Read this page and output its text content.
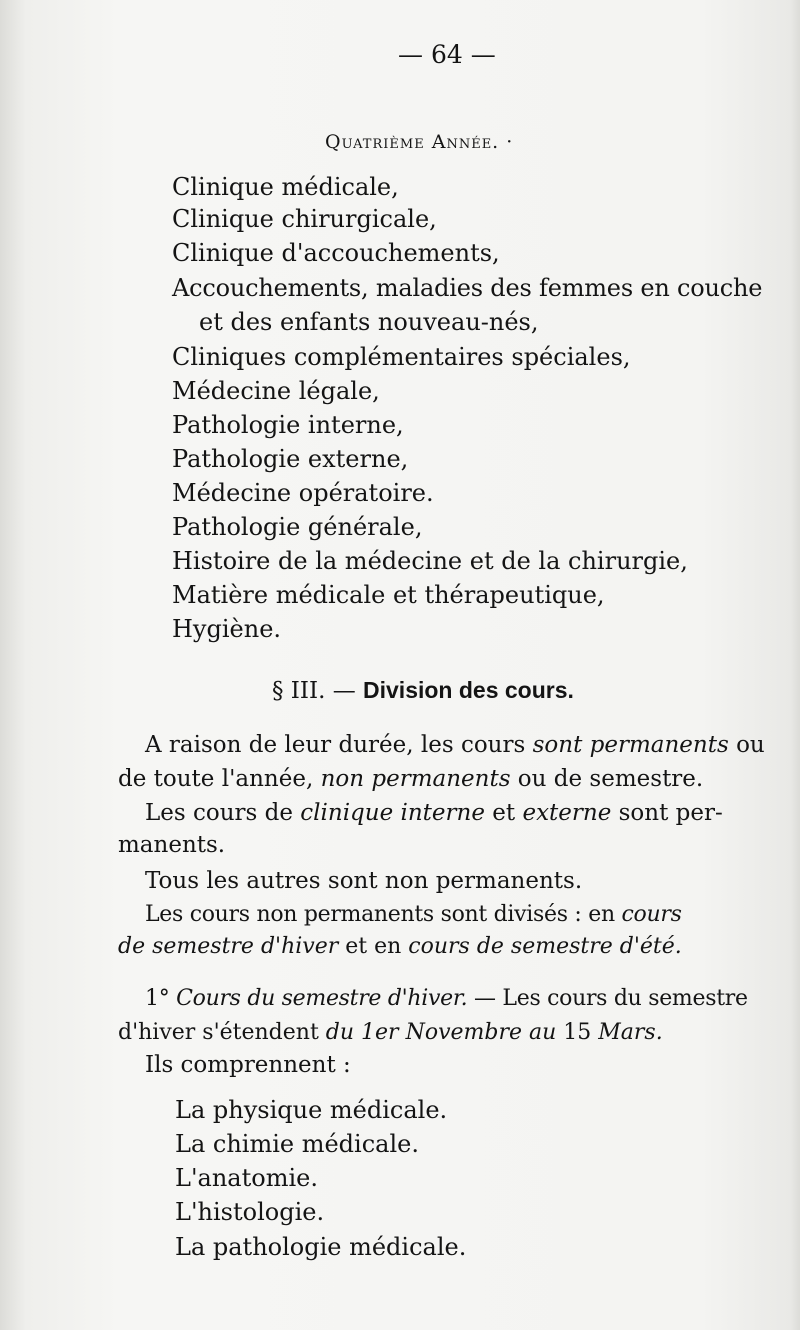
— 64 —
Quatrième Année. ·
Clinique médicale,
Clinique chirurgicale,
Clinique d'accouchements,
Accouchements, maladies des femmes en couche
et des enfants nouveau-nés,
Cliniques complémentaires spéciales,
Médecine légale,
Pathologie interne,
Pathologie externe,
Médecine opératoire.
Pathologie générale,
Histoire de la médecine et de la chirurgie,
Matière médicale et thérapeutique,
Hygiène.
§ III. — Division des cours.
A raison de leur durée, les cours sont permanents ou
de toute l'année, non permanents ou de semestre.
Les cours de clinique interne et externe sont per-
manents.
Tous les autres sont non permanents.
Les cours non permanents sont divisés : en cours
de semestre d'hiver et en cours de semestre d'été.
1° Cours du semestre d'hiver. — Les cours du semestre
d'hiver s'étendent du 1er Novembre au 15 Mars.
Ils comprennent :
La physique médicale.
La chimie médicale.
L'anatomie.
L'histologie.
La pathologie médicale.
